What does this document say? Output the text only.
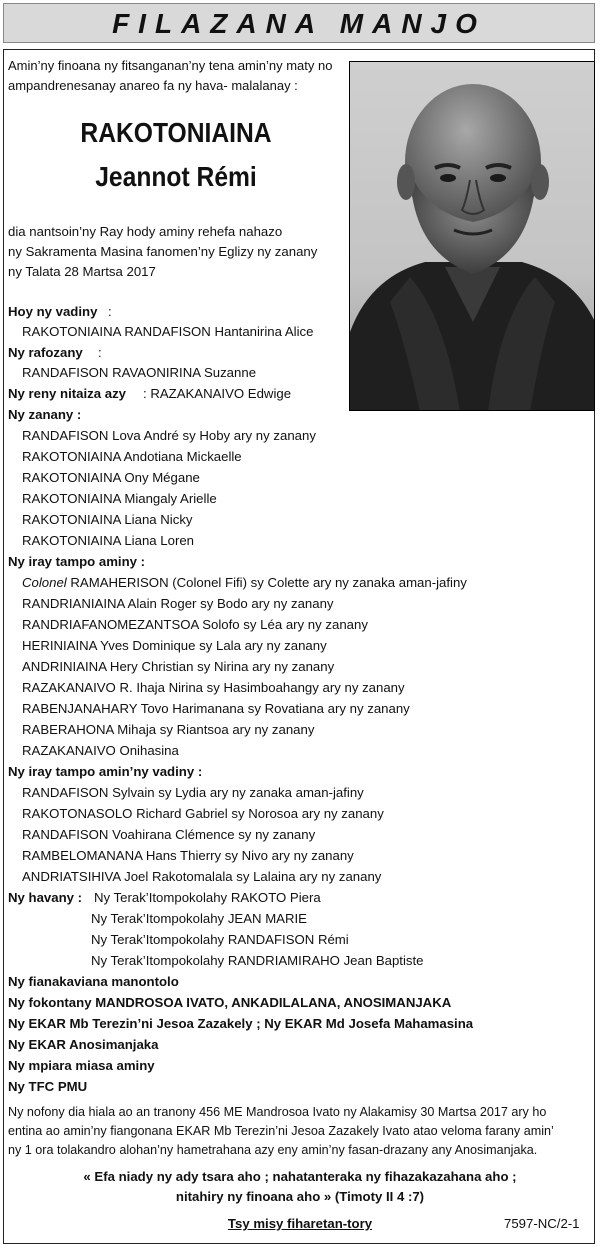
FILAZANA MANJO
Amin’ny finoana ny fitsanganan’ny tena amin’ny maty no
ampandrenesanay anareo fa ny hava- malalanay :
RAKOTONIAINA
Jeannot Rémi
dia nantsoin’ny Ray hody aminy rehefa nahazo
ny Sakramenta Masina fanomen’ny Eglizy ny zanany
ny Talata 28 Martsa 2017
Hoy ny vadiny :
RAKOTONIAINA RANDAFISON Hantanirina Alice
Ny rafozany :
RANDAFISON RAVAONIRINA Suzanne
Ny reny nitaiza azy : RAZAKANAIVO Edwige
Ny zanany :
RANDAFISON Lova André sy Hoby ary ny zanany
RAKOTONIAINA Andotiana Mickaelle
RAKOTONIAINA Ony Mégane
RAKOTONIAINA Miangaly Arielle
RAKOTONIAINA Liana Nicky
RAKOTONIAINA Liana Loren
Ny iray tampo aminy :
Colonel RAMAHERISON (Colonel Fifi) sy Colette ary ny zanaka aman-jafiny
RANDRIANIAINA Alain Roger sy Bodo ary ny zanany
RANDRIAFANOMEZANTSOA Solofo sy Léa ary ny zanany
HERINIAINA Yves Dominique sy Lala ary ny zanany
ANDRINIAINA Hery Christian sy Nirina ary ny zanany
RAZAKANAIVO R. Ihaja Nirina sy Hasimboahangy ary ny zanany
RABENJANAHARY Tovo Harimanana sy Rovatiana ary ny zanany
RABERAHONA Mihaja sy Riantsoa ary ny zanany
RAZAKANAIVO Onihasina
Ny iray tampo amin’ny vadiny :
RANDAFISON Sylvain sy Lydia ary ny zanaka aman-jafiny
RAKOTONASOLO Richard Gabriel sy Norosoa ary ny zanany
RANDAFISON Voahirana Clémence sy ny zanany
RAMBELOMANANA Hans Thierry sy Nivo ary ny zanany
ANDRIATSIHIVA Joel Rakotomalala sy Lalaina ary ny zanany
Ny havany : Ny Terak’Itompokolahy RAKOTO Piera
Ny Terak’Itompokolahy JEAN MARIE
Ny Terak’Itompokolahy RANDAFISON Rémi
Ny Terak’Itompokolahy RANDRIAMIRAHO Jean Baptiste
Ny fianakaviana manontolo
Ny fokontany MANDROSOA IVATO, ANKADILALANA, ANOSIMANJAKA
Ny EKAR Mb Terezin’ni Jesoa Zazakely ; Ny EKAR Md Josefa Mahamasina
Ny EKAR Anosimanjaka
Ny mpiara miasa aminy
Ny TFC PMU
Ny nofony dia hiala ao an tranony 456 ME Mandrosoa Ivato ny Alakamisy 30 Martsa 2017 ary ho
entina ao amin’ny fiangonana EKAR Mb Terezin’ni Jesoa Zazakely Ivato atao veloma farany amin’
ny 1 ora tolakandro alohan’ny hametrahana azy eny amin’ny fasan-drazany any Anosimanjaka.
« Efa niady ny ady tsara aho ; nahatanteraka ny fihazakazahana aho ;
nitahiry ny finoana aho » (Timoty II 4 :7)
Tsy misy fiharetan-tory	7597-NC/2-1
